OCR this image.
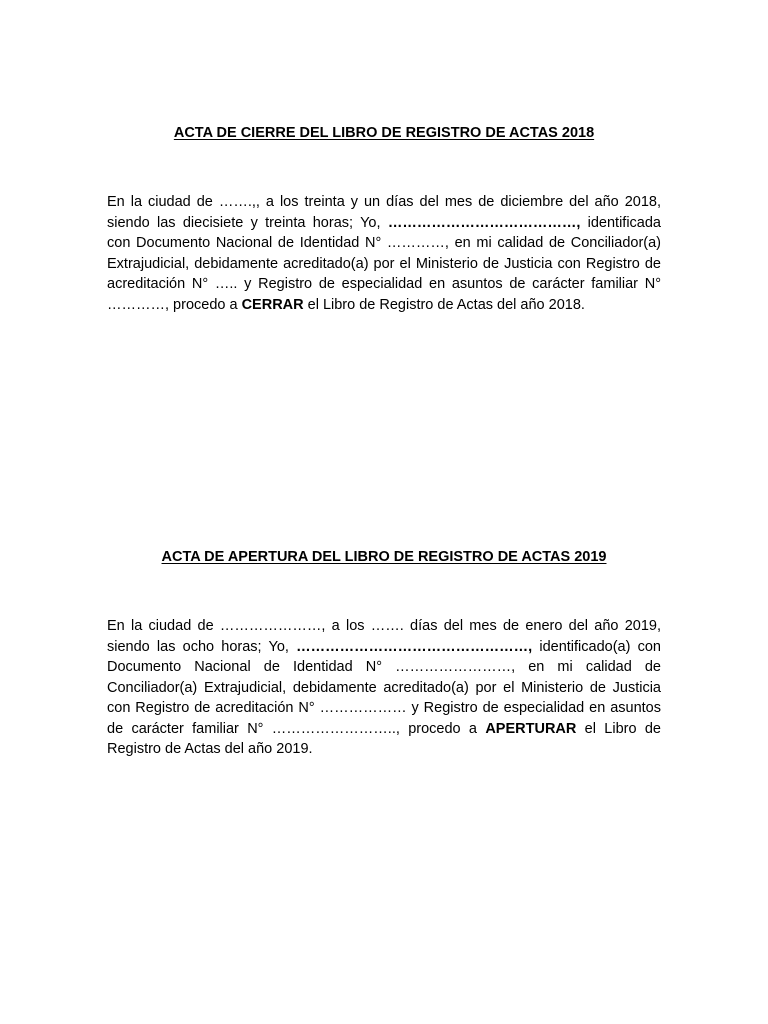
ACTA DE CIERRE DEL LIBRO DE REGISTRO DE ACTAS 2018

En la ciudad de …….,, a los treinta y un días del mes de diciembre del año 2018, siendo las diecisiete y treinta horas; Yo, …………………………………, identificada con Documento Nacional de Identidad N° …………, en mi calidad de Conciliador(a) Extrajudicial, debidamente acreditado(a) por el Ministerio de Justicia con Registro de acreditación N° ….. y Registro de especialidad en asuntos de carácter familiar N° …………, procedo a CERRAR el Libro de Registro de Actas del año 2018.

ACTA DE APERTURA DEL LIBRO DE REGISTRO DE ACTAS 2019

En la ciudad de …………………, a los ……. días del mes de enero del año 2019, siendo las ocho horas; Yo, …………………………………………, identificado(a) con Documento Nacional de Identidad N° ……………………, en mi calidad de Conciliador(a) Extrajudicial, debidamente acreditado(a) por el Ministerio de Justicia con Registro de acreditación N° ……………… y Registro de especialidad en asuntos de carácter familiar N° …………………….., procedo a APERTURAR el Libro de Registro de Actas del año 2019.
